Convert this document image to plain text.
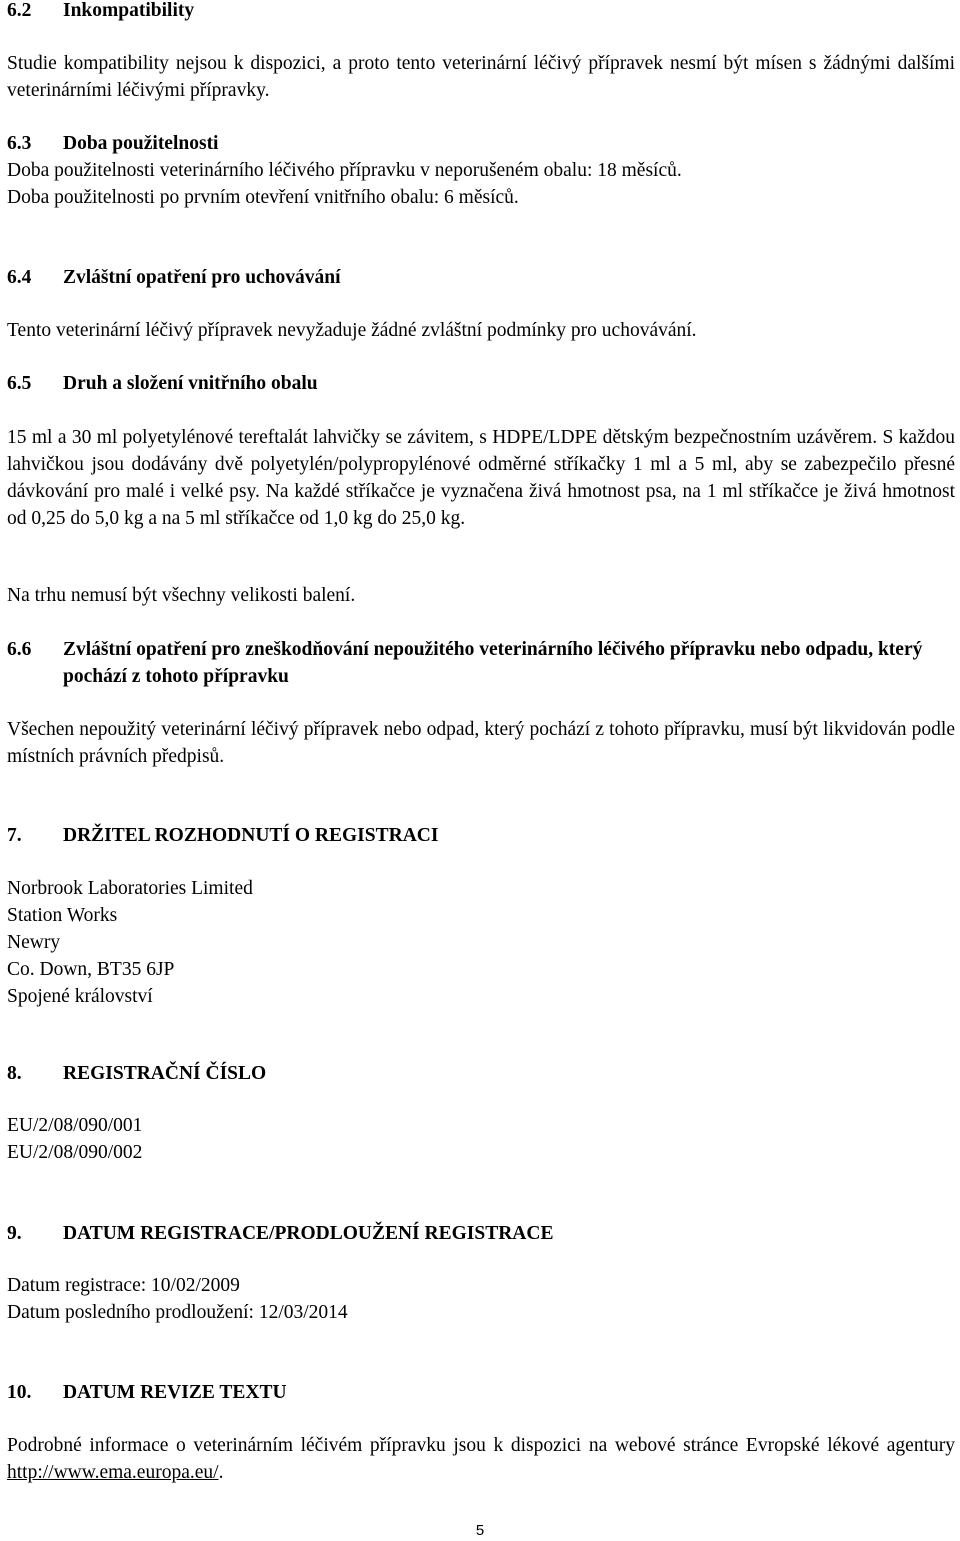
6.2	Inkompatibility

Studie kompatibility nejsou k dispozici, a proto tento veterinární léčivý přípravek nesmí být mísen s žádnými dalšími veterinárními léčivými přípravky.

6.3	Doba použitelnosti
Doba použitelnosti veterinárního léčivého přípravku v neporušeném obalu: 18 měsíců.
Doba použitelnosti po prvním otevření vnitřního obalu: 6 měsíců.
6.4	Zvláštní opatření pro uchovávání

Tento veterinární léčivý přípravek nevyžaduje žádné zvláštní podmínky pro uchovávání.

6.5	Druh a složení vnitřního obalu

15 ml a 30 ml polyetylénové tereftalát lahvičky se závitem, s HDPE/LDPE dětským bezpečnostním uzávěrem. S každou lahvičkou jsou dodávány dvě polyetylén/polypropylénové odměrné stříkačky 1 ml a 5 ml, aby se zabezpečilo přesné dávkování pro malé i velké psy. Na každé stříkačce je vyznačena živá hmotnost psa, na 1 ml stříkačce je živá hmotnost od 0,25 do 5,0 kg a na 5 ml stříkačce od 1,0 kg do 25,0 kg.

Na trhu nemusí být všechny velikosti balení.

6.6	Zvláštní opatření pro zneškodňování nepoužitého veterinárního léčivého přípravku nebo odpadu, který pochází z tohoto přípravku

Všechen nepoužitý veterinární léčivý přípravek nebo odpad, který pochází z tohoto přípravku, musí být likvidován podle místních právních předpisů.

7.	DRŽITEL ROZHODNUTÍ O REGISTRACI
Norbrook Laboratories Limited
Station Works
Newry
Co. Down, BT35 6JP
Spojené království
8.	REGISTRAČNÍ ČÍSLO
EU/2/08/090/001
EU/2/08/090/002
9.	DATUM REGISTRACE/PRODLOUŽENÍ REGISTRACE
Datum registrace: 10/02/2009
Datum posledního prodloužení: 12/03/2014
10.	DATUM REVIZE TEXTU

Podrobné informace o veterinárním léčivém přípravku jsou k dispozici na webové stránce Evropské lékové agentury http://www.ema.europa.eu/.

5
